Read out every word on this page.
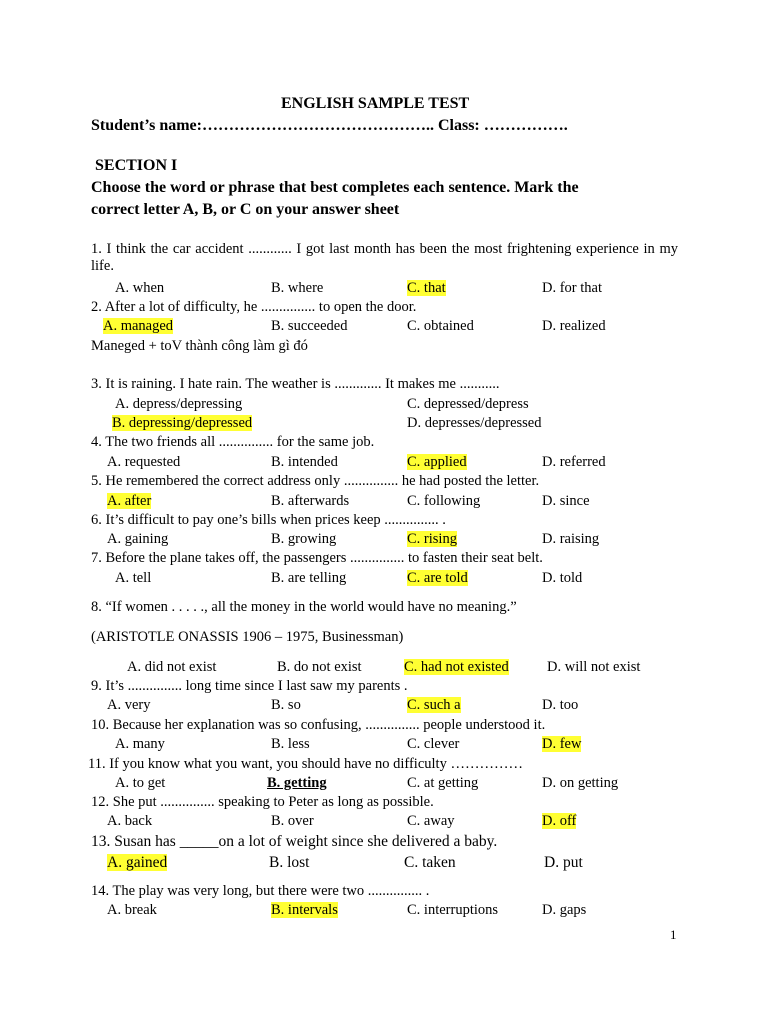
ENGLISH SAMPLE TEST
Student’s name:…………………………………….. Class: …………….
SECTION I
Choose the word or phrase that best completes each sentence. Mark the
correct letter A, B, or C on your answer sheet
1. I think the car accident ............ I got last month has been the most frightening experience in my life.
A. when	B. where	C. that	D. for that
2. After a lot of difficulty, he ............... to open the door.
A. managed	B. succeeded	C. obtained	D. realized
Maneged + toV thành công làm gì đó
3. It is raining. I hate rain. The weather is ............. It makes me ...........
A. depress/depressing	C. depressed/depress
B. depressing/depressed	D. depresses/depressed
4. The two friends all ............... for the same job.
A. requested	B. intended	C. applied	D. referred
5. He remembered the correct address only ............... he had posted the letter.
A. after	B. afterwards	C. following	D. since
6. It’s difficult to pay one’s bills when prices keep ............... .
A. gaining	B. growing	C. rising	D. raising
7. Before the plane takes off, the passengers ............... to fasten their seat belt.
A. tell	B. are telling	C. are told	D. told
8. “If women . . . . ., all the money in the world would have no meaning.”
(ARISTOTLE ONASSIS 1906 – 1975, Businessman)
A. did not exist	B. do not exist	C. had not existed	D. will not exist
9. It’s ............... long time since I last saw my parents .
A. very	B. so	C. such a	D. too
10. Because her explanation was so confusing, ............... people understood it.
A. many	B. less	C. clever	D. few
11. If you know what you want, you should have no difficulty ……………
A. to get	B. getting	C. at getting	D. on getting
12. She put ............... speaking to Peter as long as possible.
A. back	B. over	C. away	D. off
13. Susan has _____on a lot of weight since she delivered a baby.
A. gained	B. lost	C. taken	D. put
14. The play was very long, but there were two ............... .
A. break	B. intervals	C. interruptions	D. gaps
1
